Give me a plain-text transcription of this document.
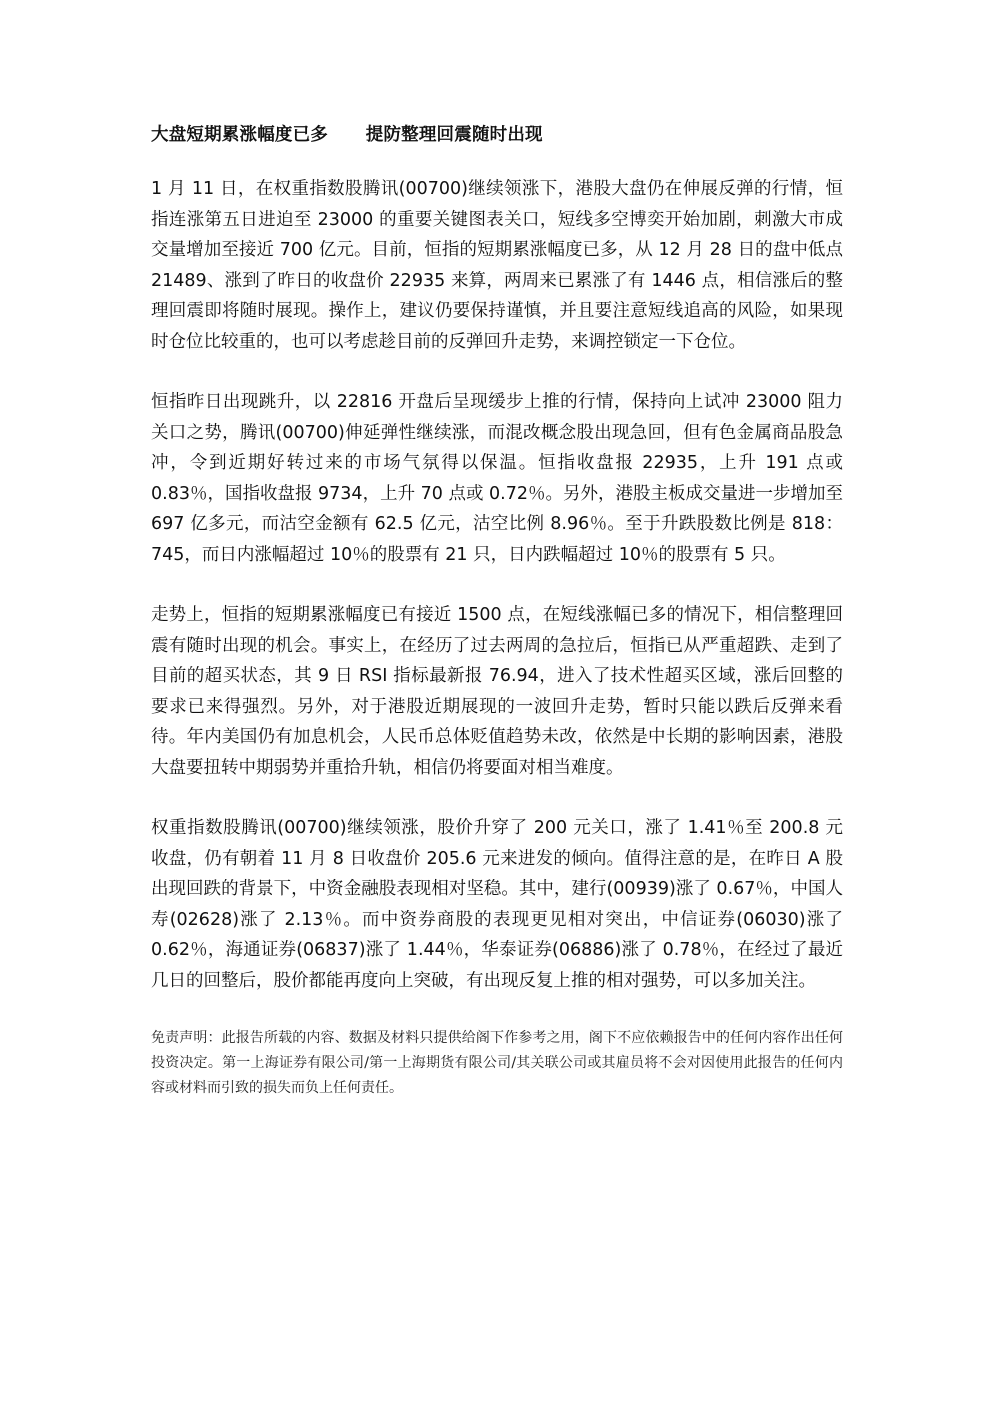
大盘短期累涨幅度已多      提防整理回震随时出现

1 月 11 日，在权重指数股腾讯(00700)继续领涨下，港股大盘仍在伸展反弹的行情，恒指连涨第五日进迫至 23000 的重要关键图表关口，短线多空博奕开始加剧，刺激大市成交量增加至接近 700 亿元。目前，恒指的短期累涨幅度已多，从 12 月 28 日的盘中低点 21489、涨到了昨日的收盘价 22935 来算，两周来已累涨了有 1446 点，相信涨后的整理回震即将随时展现。操作上，建议仍要保持谨慎，并且要注意短线追高的风险，如果现时仓位比较重的，也可以考虑趁目前的反弹回升走势，来调控锁定一下仓位。

恒指昨日出现跳升，以 22816 开盘后呈现缓步上推的行情，保持向上试冲 23000 阻力关口之势，腾讯(00700)伸延弹性继续涨，而混改概念股出现急回，但有色金属商品股急冲，令到近期好转过来的市场气氛得以保温。恒指收盘报 22935，上升 191 点或 0.83％，国指收盘报 9734，上升 70 点或 0.72％。另外，港股主板成交量进一步增加至 697 亿多元，而沽空金额有 62.5 亿元，沽空比例 8.96％。至于升跌股数比例是 818：745，而日内涨幅超过 10％的股票有 21 只，日内跌幅超过 10％的股票有 5 只。

走势上，恒指的短期累涨幅度已有接近 1500 点，在短线涨幅已多的情况下，相信整理回震有随时出现的机会。事实上，在经历了过去两周的急拉后，恒指已从严重超跌、走到了目前的超买状态，其 9 日 RSI 指标最新报 76.94，进入了技术性超买区域，涨后回整的要求已来得强烈。另外，对于港股近期展现的一波回升走势，暂时只能以跌后反弹来看待。年内美国仍有加息机会，人民币总体贬值趋势未改，依然是中长期的影响因素，港股大盘要扭转中期弱势并重拾升轨，相信仍将要面对相当难度。

权重指数股腾讯(00700)继续领涨，股价升穿了 200 元关口，涨了 1.41％至 200.8 元收盘，仍有朝着 11 月 8 日收盘价 205.6 元来进发的倾向。值得注意的是，在昨日 A 股出现回跌的背景下，中资金融股表现相对坚稳。其中，建行(00939)涨了 0.67％，中国人寿(02628)涨了 2.13％。而中资券商股的表现更见相对突出，中信证券(06030)涨了 0.62％，海通证券(06837)涨了 1.44％，华泰证券(06886)涨了 0.78％，在经过了最近几日的回整后，股价都能再度向上突破，有出现反复上推的相对强势，可以多加关注。

免责声明：此报告所载的内容、数据及材料只提供给阁下作参考之用，阁下不应依赖报告中的任何内容作出任何投资决定。第一上海证券有限公司/第一上海期货有限公司/其关联公司或其雇员将不会对因使用此报告的任何内容或材料而引致的损失而负上任何责任。
